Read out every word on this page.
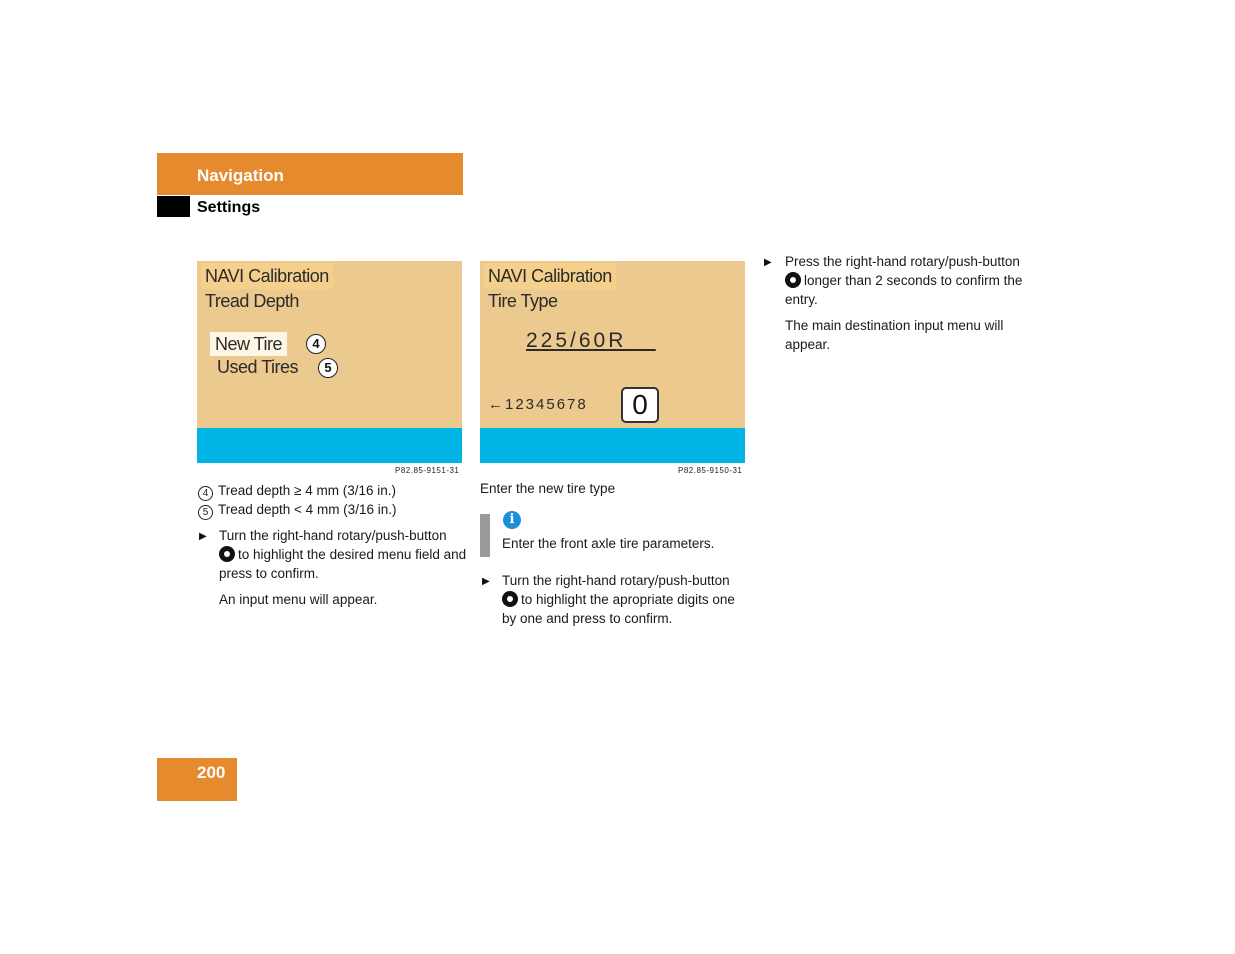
Navigation
Settings
NAVI Calibration
Tread Depth
New Tire	4
Used Tires	5
P82.85-9151-31
NAVI Calibration
Tire Type
225/60R__
←12345678	0
P82.85-9150-31
4 Tread depth ≥ 4 mm (3/16 in.)
5 Tread depth < 4 mm (3/16 in.)
▶ Turn the right-hand rotary/push-button
to highlight the desired menu field and press to confirm.
An input menu will appear.
Enter the new tire type
i
Enter the front axle tire parameters.
▶ Turn the right-hand rotary/push-button
to highlight the apropriate digits one by one and press to confirm.
▶ Press the right-hand rotary/push-button
longer than 2 seconds to confirm the entry.
The main destination input menu will appear.
200
